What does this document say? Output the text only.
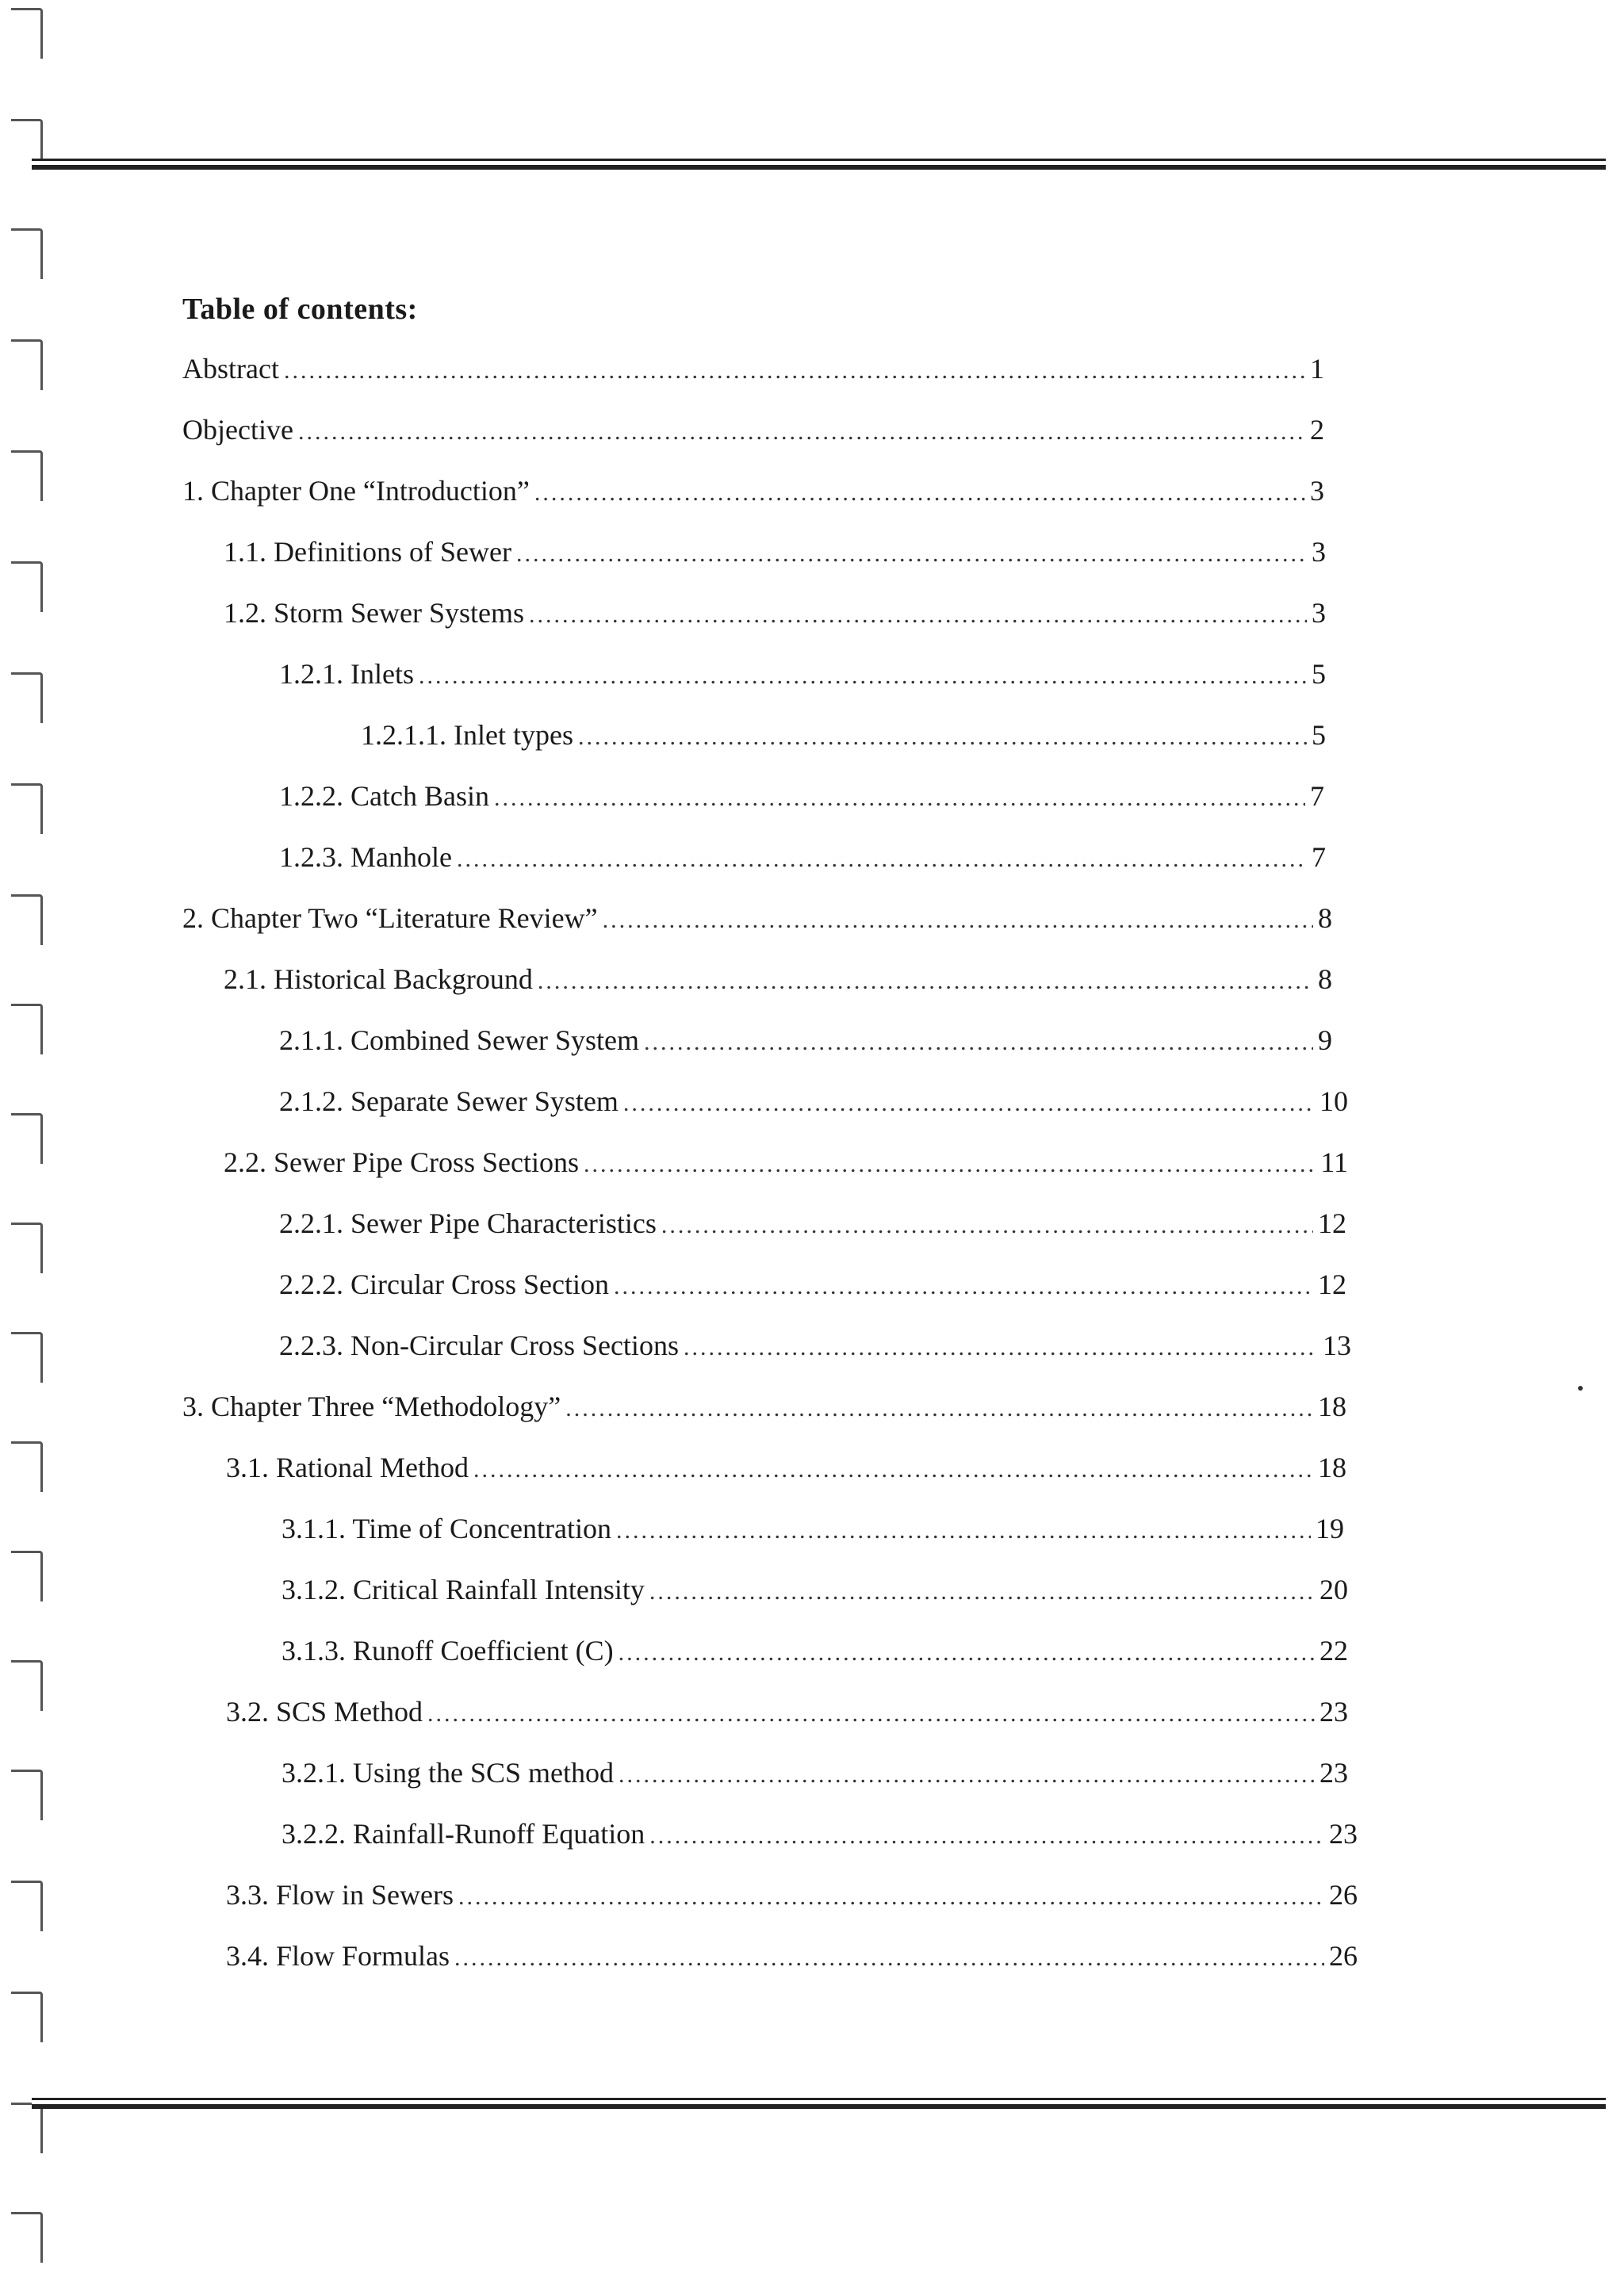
Table of contents:
Abstract .....	1
Objective .....	2
1. Chapter One “Introduction” .....	3
1.1. Definitions of Sewer .....	3
1.2. Storm Sewer Systems .....	3
1.2.1. Inlets .....	5
1.2.1.1. Inlet types .....	5
1.2.2. Catch Basin .....	7
1.2.3. Manhole .....	7
2. Chapter Two “Literature Review” .....	8
2.1. Historical Background .....	8
2.1.1. Combined Sewer System .....	9
2.1.2. Separate Sewer System .....	10
2.2. Sewer Pipe Cross Sections .....	11
2.2.1. Sewer Pipe Characteristics .....	12
2.2.2. Circular Cross Section .....	12
2.2.3. Non-Circular Cross Sections .....	13
3. Chapter Three “Methodology” .....	18
3.1. Rational Method .....	18
3.1.1. Time of Concentration .....	19
3.1.2. Critical Rainfall Intensity .....	20
3.1.3. Runoff Coefficient (C) .....	22
3.2. SCS Method .....	23
3.2.1. Using the SCS method .....	23
3.2.2. Rainfall-Runoff Equation .....	23
3.3. Flow in Sewers .....	26
3.4. Flow Formulas .....	26
